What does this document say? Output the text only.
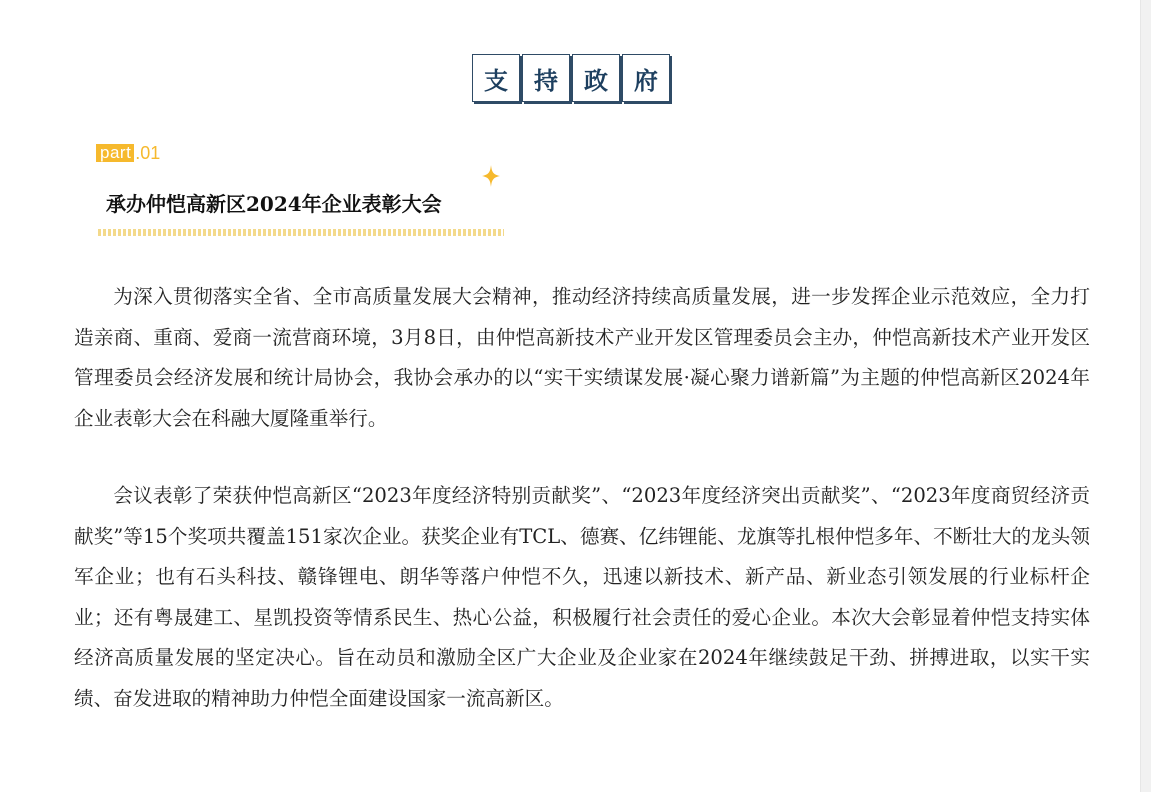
支	持	政	府
part .01
承办仲恺高新区2024年企业表彰大会

为深入贯彻落实全省、全市高质量发展大会精神，推动经济持续高质量发展，进一步发挥企业示范效应，全力打造亲商、重商、爱商一流营商环境，3月8日，由仲恺高新技术产业开发区管理委员会主办，仲恺高新技术产业开发区管理委员会经济发展和统计局协会，我协会承办的以“实干实绩谋发展·凝心聚力谱新篇”为主题的仲恺高新区2024年企业表彰大会在科融大厦隆重举行。

会议表彰了荣获仲恺高新区“2023年度经济特别贡献奖”、“2023年度经济突出贡献奖”、“2023年度商贸经济贡献奖”等15个奖项共覆盖151家次企业。获奖企业有TCL、德赛、亿纬锂能、龙旗等扎根仲恺多年、不断壮大的龙头领军企业；也有石头科技、赣锋锂电、朗华等落户仲恺不久，迅速以新技术、新产品、新业态引领发展的行业标杆企业；还有粤晟建工、星凯投资等情系民生、热心公益，积极履行社会责任的爱心企业。本次大会彰显着仲恺支持实体经济高质量发展的坚定决心。旨在动员和激励全区广大企业及企业家在2024年继续鼓足干劲、拼搏进取，以实干实绩、奋发进取的精神助力仲恺全面建设国家一流高新区。
